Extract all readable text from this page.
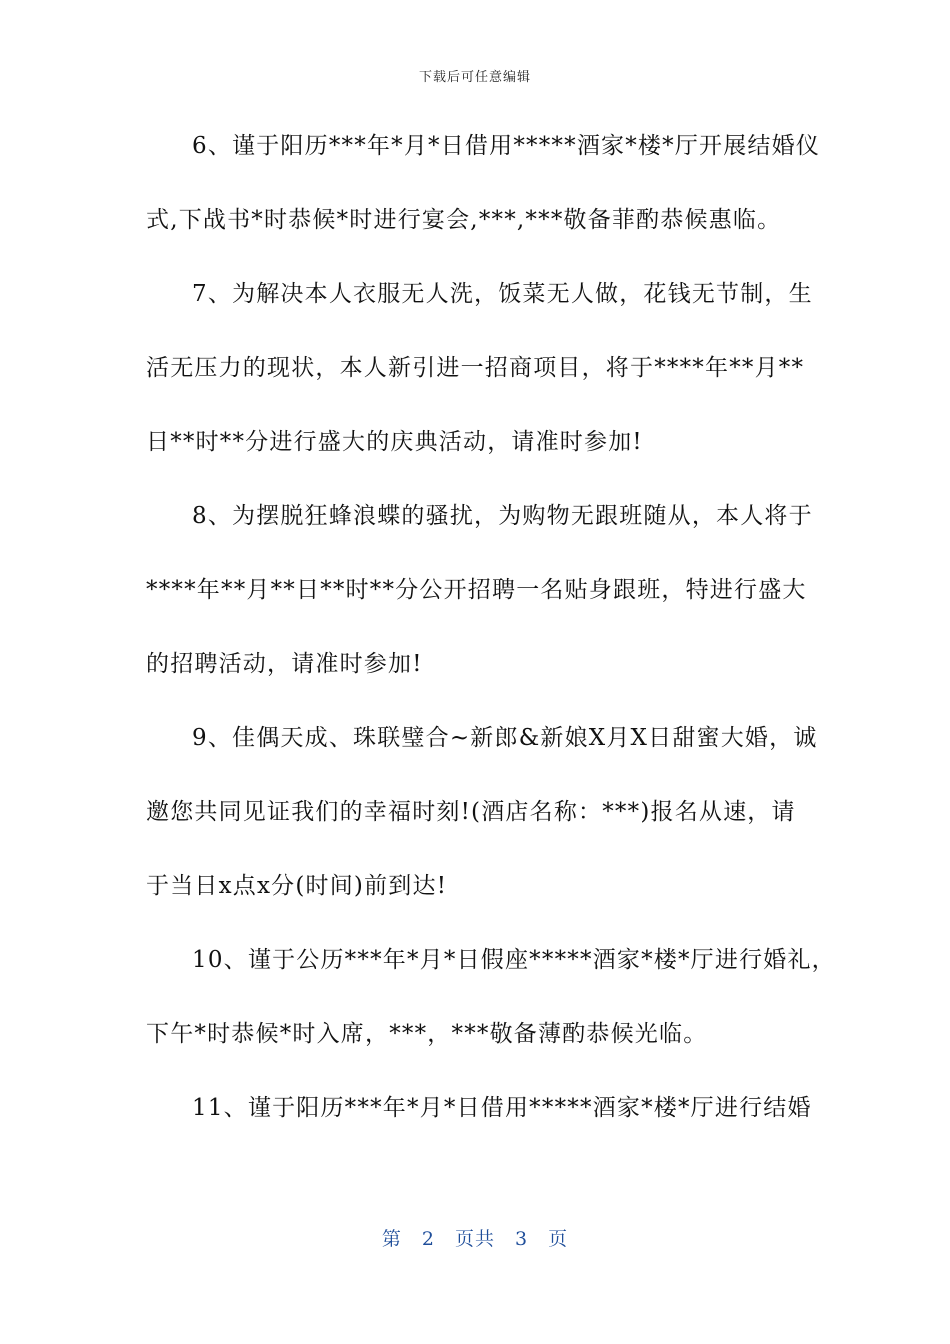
下载后可任意编辑
6、谨于阳历***年*月*日借用*****酒家*楼*厅开展结婚仪
式,下战书*时恭候*时进行宴会,***,***敬备菲酌恭候惠临。
7、为解决本人衣服无人洗，饭菜无人做，花钱无节制，生
活无压力的现状，本人新引进一招商项目，将于****年**月**
日**时**分进行盛大的庆典活动，请准时参加!
8、为摆脱狂蜂浪蝶的骚扰，为购物无跟班随从，本人将于
****年**月**日**时**分公开招聘一名贴身跟班，特进行盛大
的招聘活动，请准时参加!
9、佳偶天成、珠联璧合~新郎&新娘X月X日甜蜜大婚，诚
邀您共同见证我们的幸福时刻!(酒店名称：***)报名从速，请
于当日x点x分(时间)前到达!
10、谨于公历***年*月*日假座*****酒家*楼*厅进行婚礼，
下午*时恭候*时入席，***，***敬备薄酌恭候光临。
11、谨于阳历***年*月*日借用*****酒家*楼*厅进行结婚
第 2 页共 3 页
